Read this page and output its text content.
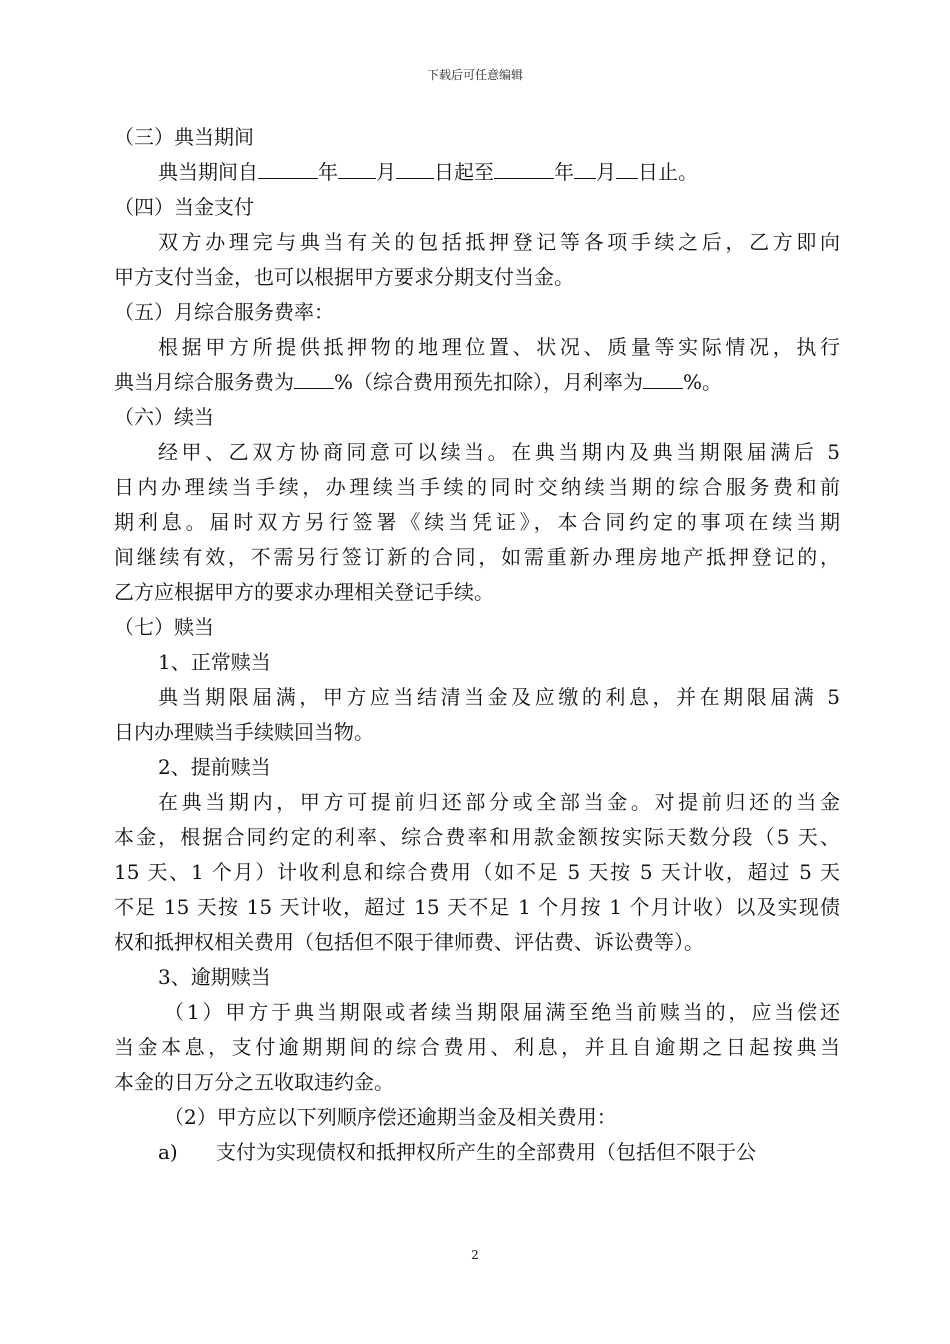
下载后可任意编辑
（三）典当期间
典当期间自	年 月 日起至	年 月 日止。
（四）当金支付
双方办理完与典当有关的包括抵押登记等各项手续之后，乙方即向
甲方支付当金，也可以根据甲方要求分期支付当金。
（五）月综合服务费率：
根据甲方所提供抵押物的地理位置、状况、质量等实际情况，执行
典当月综合服务费为 %（综合费用预先扣除），月利率为 %。
（六）续当
经甲、乙双方协商同意可以续当。在典当期内及典当期限届满后 5
日内办理续当手续，办理续当手续的同时交纳续当期的综合服务费和前
期利息。届时双方另行签署《续当凭证》，本合同约定的事项在续当期
间继续有效，不需另行签订新的合同，如需重新办理房地产抵押登记的，
乙方应根据甲方的要求办理相关登记手续。
（七）赎当
1、正常赎当
典当期限届满，甲方应当结清当金及应缴的利息，并在期限届满 5
日内办理赎当手续赎回当物。
2、提前赎当
在典当期内，甲方可提前归还部分或全部当金。对提前归还的当金
本金，根据合同约定的利率、综合费率和用款金额按实际天数分段（5 天、
15 天、1 个月）计收利息和综合费用（如不足 5 天按 5 天计收，超过 5 天
不足 15 天按 15 天计收，超过 15 天不足 1 个月按 1 个月计收）以及实现债
权和抵押权相关费用（包括但不限于律师费、评估费、诉讼费等）。
3、逾期赎当
（1）甲方于典当期限或者续当期限届满至绝当前赎当的，应当偿还
当金本息，支付逾期期间的综合费用、利息，并且自逾期之日起按典当
本金的日万分之五收取违约金。
（2）甲方应以下列顺序偿还逾期当金及相关费用：
a) 支付为实现债权和抵押权所产生的全部费用（包括但不限于公
2
